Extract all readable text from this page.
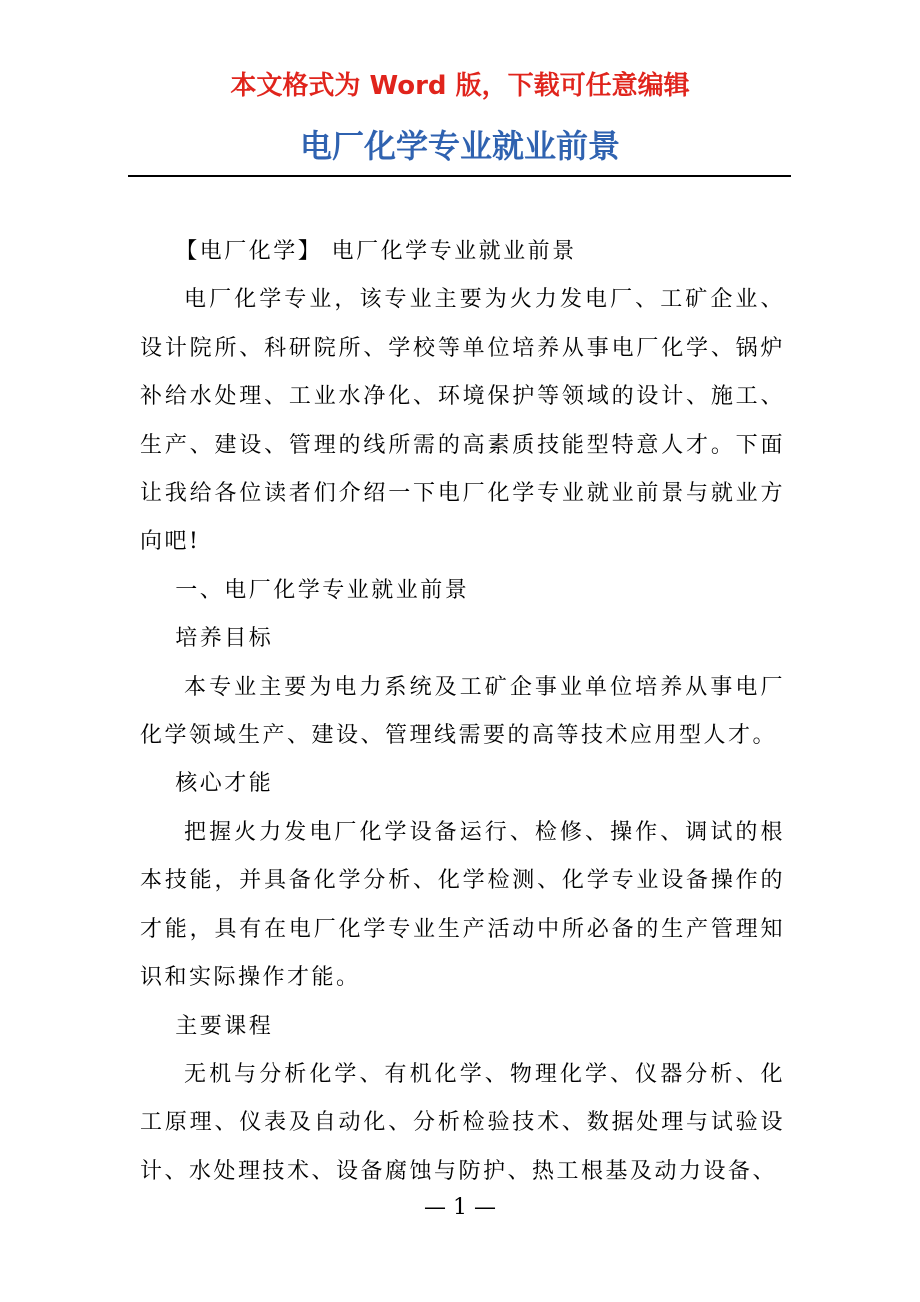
本文格式为 Word 版，下载可任意编辑
电厂化学专业就业前景

【电厂化学】 电厂化学专业就业前景

电厂化学专业，该专业主要为火力发电厂、工矿企业、设计院所、科研院所、学校等单位培养从事电厂化学、锅炉补给水处理、工业水净化、环境保护等领域的设计、施工、生产、建设、管理的线所需的高素质技能型特意人才。下面让我给各位读者们介绍一下电厂化学专业就业前景与就业方向吧!

一、电厂化学专业就业前景

培养目标

本专业主要为电力系统及工矿企事业单位培养从事电厂化学领域生产、建设、管理线需要的高等技术应用型人才。

核心才能

把握火力发电厂化学设备运行、检修、操作、调试的根本技能，并具备化学分析、化学检测、化学专业设备操作的才能，具有在电厂化学专业生产活动中所必备的生产管理知识和实际操作才能。

主要课程

无机与分析化学、有机化学、物理化学、仪器分析、化工原理、仪表及自动化、分析检验技术、数据处理与试验设计、水处理技术、设备腐蚀与防护、热工根基及动力设备、

— 1 —
